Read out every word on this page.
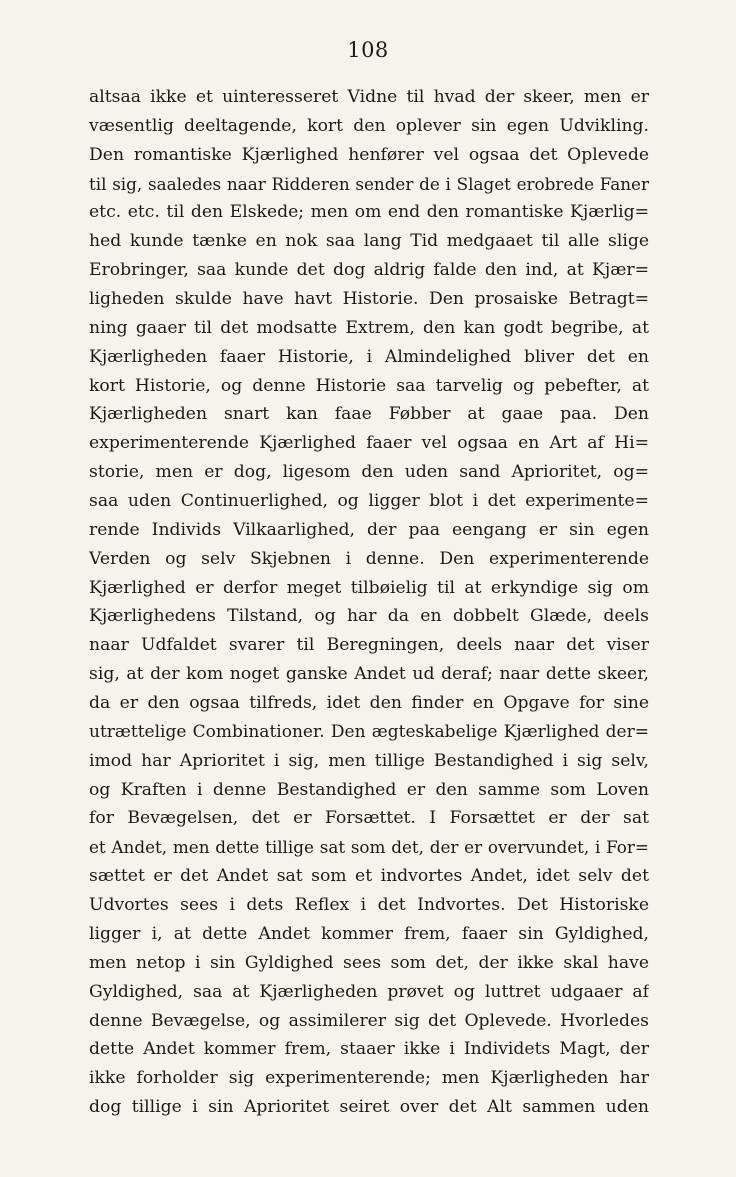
108
altsaa ikke et uinteresseret Vidne til hvad der skeer, men er
væsentlig deeltagende, kort den oplever sin egen Udvikling.
Den romantiske Kjærlighed henfører vel ogsaa det Oplevede
til sig, saaledes naar Ridderen sender de i Slaget erobrede Faner
etc. etc. til den Elskede; men om end den romantiske Kjærlig=
hed kunde tænke en nok saa lang Tid medgaaet til alle slige
Erobringer, saa kunde det dog aldrig falde den ind, at Kjær=
ligheden skulde have havt Historie. Den prosaiske Betragt=
ning gaaer til det modsatte Extrem, den kan godt begribe, at
Kjærligheden faaer Historie, i Almindelighed bliver det en
kort Historie, og denne Historie saa tarvelig og pebefter, at
Kjærligheden snart kan faae Føbber at gaae paa. Den
experimenterende Kjærlighed faaer vel ogsaa en Art af Hi=
storie, men er dog, ligesom den uden sand Aprioritet, og=
saa uden Continuerlighed, og ligger blot i det experimente=
rende Individs Vilkaarlighed, der paa eengang er sin egen
Verden og selv Skjebnen i denne. Den experimenterende
Kjærlighed er derfor meget tilbøielig til at erkyndige sig om
Kjærlighedens Tilstand, og har da en dobbelt Glæde, deels
naar Udfaldet svarer til Beregningen, deels naar det viser
sig, at der kom noget ganske Andet ud deraf; naar dette skeer,
da er den ogsaa tilfreds, idet den finder en Opgave for sine
utrættelige Combinationer. Den ægteskabelige Kjærlighed der=
imod har Aprioritet i sig, men tillige Bestandighed i sig selv,
og Kraften i denne Bestandighed er den samme som Loven
for Bevægelsen, det er Forsættet. I Forsættet er der sat
et Andet, men dette tillige sat som det, der er overvundet, i For=
sættet er det Andet sat som et indvortes Andet, idet selv det
Udvortes sees i dets Reflex i det Indvortes. Det Historiske
ligger i, at dette Andet kommer frem, faaer sin Gyldighed,
men netop i sin Gyldighed sees som det, der ikke skal have
Gyldighed, saa at Kjærligheden prøvet og luttret udgaaer af
denne Bevægelse, og assimilerer sig det Oplevede. Hvorledes
dette Andet kommer frem, staaer ikke i Individets Magt, der
ikke forholder sig experimenterende; men Kjærligheden har
dog tillige i sin Aprioritet seiret over det Alt sammen uden
